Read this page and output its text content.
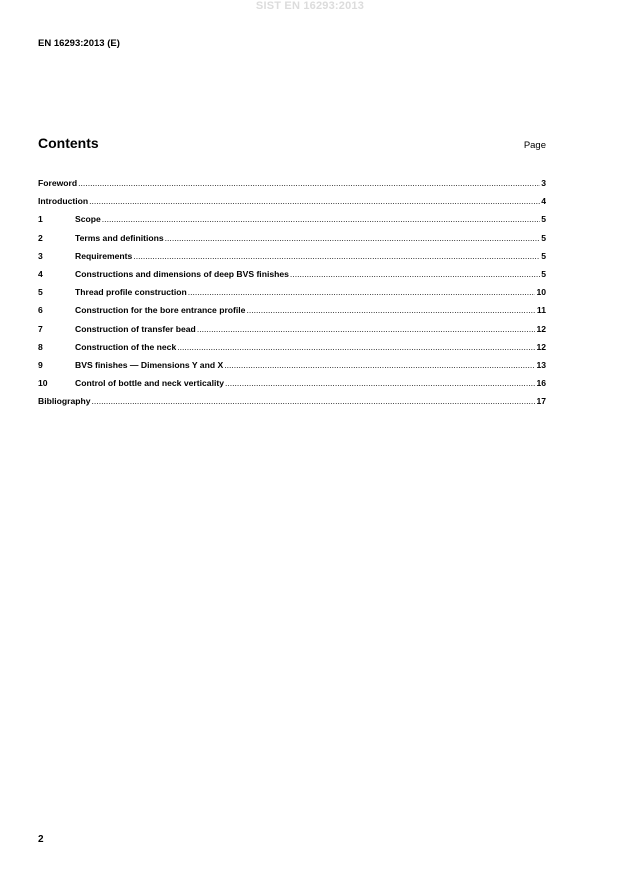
SIST EN 16293:2013
EN 16293:2013 (E)
Contents	Page
Foreword .....	3
Introduction .....	4
1	Scope .....	5
2	Terms and definitions .....	5
3	Requirements .....	5
4	Constructions and dimensions of deep BVS finishes .....	5
5	Thread profile construction .....	10
6	Construction for the bore entrance profile .....	11
7	Construction of transfer bead .....	12
8	Construction of the neck .....	12
9	BVS finishes — Dimensions Y and X .....	13
10	Control of bottle and neck verticality .....	16
Bibliography .....	17
2
